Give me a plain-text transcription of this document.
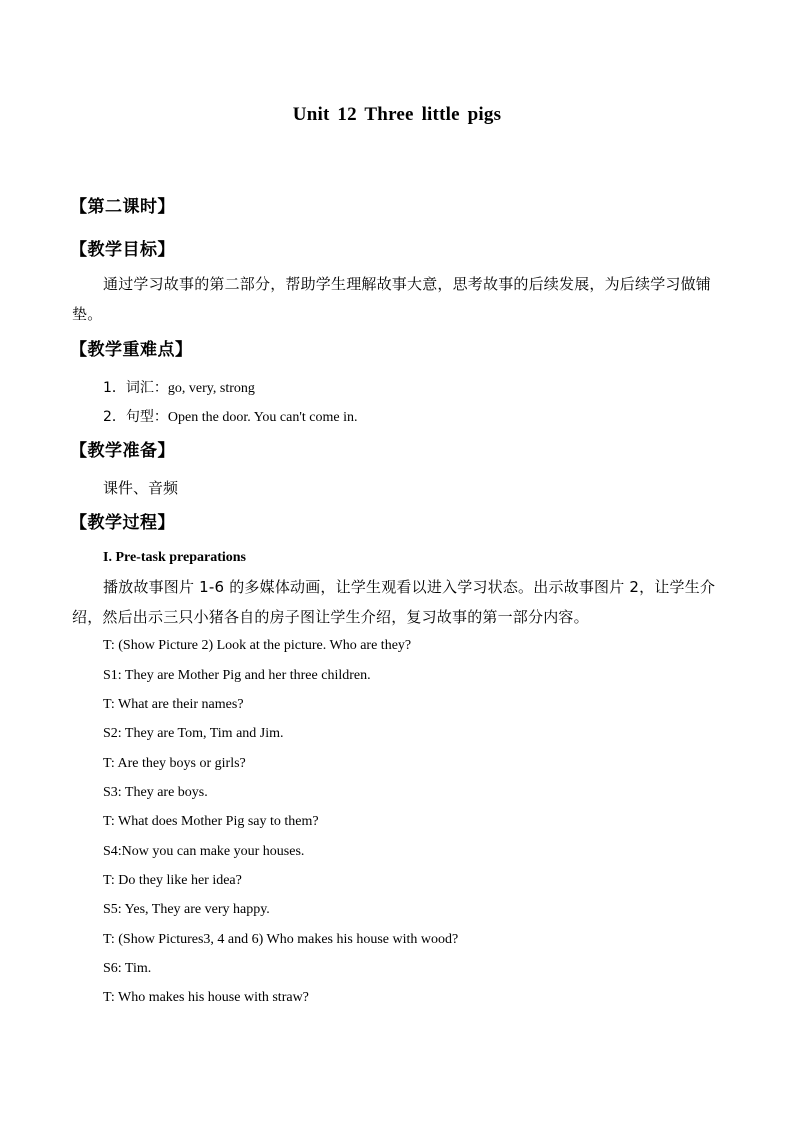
Unit 12 Three little pigs
【第二课时】
【教学目标】
通过学习故事的第二部分，帮助学生理解故事大意，思考故事的后续发展，为后续学习做铺垫。
【教学重难点】
1．词汇：go, very, strong
2．句型：Open the door. You can't come in.
【教学准备】
课件、音频
【教学过程】
I. Pre-task preparations
播放故事图片 1-6 的多媒体动画，让学生观看以进入学习状态。出示故事图片 2，让学生介绍，然后出示三只小猪各自的房子图让学生介绍，复习故事的第一部分内容。
T: (Show Picture 2) Look at the picture. Who are they?
S1: They are Mother Pig and her three children.
T: What are their names?
S2: They are Tom, Tim and Jim.
T: Are they boys or girls?
S3: They are boys.
T: What does Mother Pig say to them?
S4:Now you can make your houses.
T: Do they like her idea?
S5: Yes, They are very happy.
T: (Show Pictures3, 4 and 6) Who makes his house with wood?
S6: Tim.
T: Who makes his house with straw?
